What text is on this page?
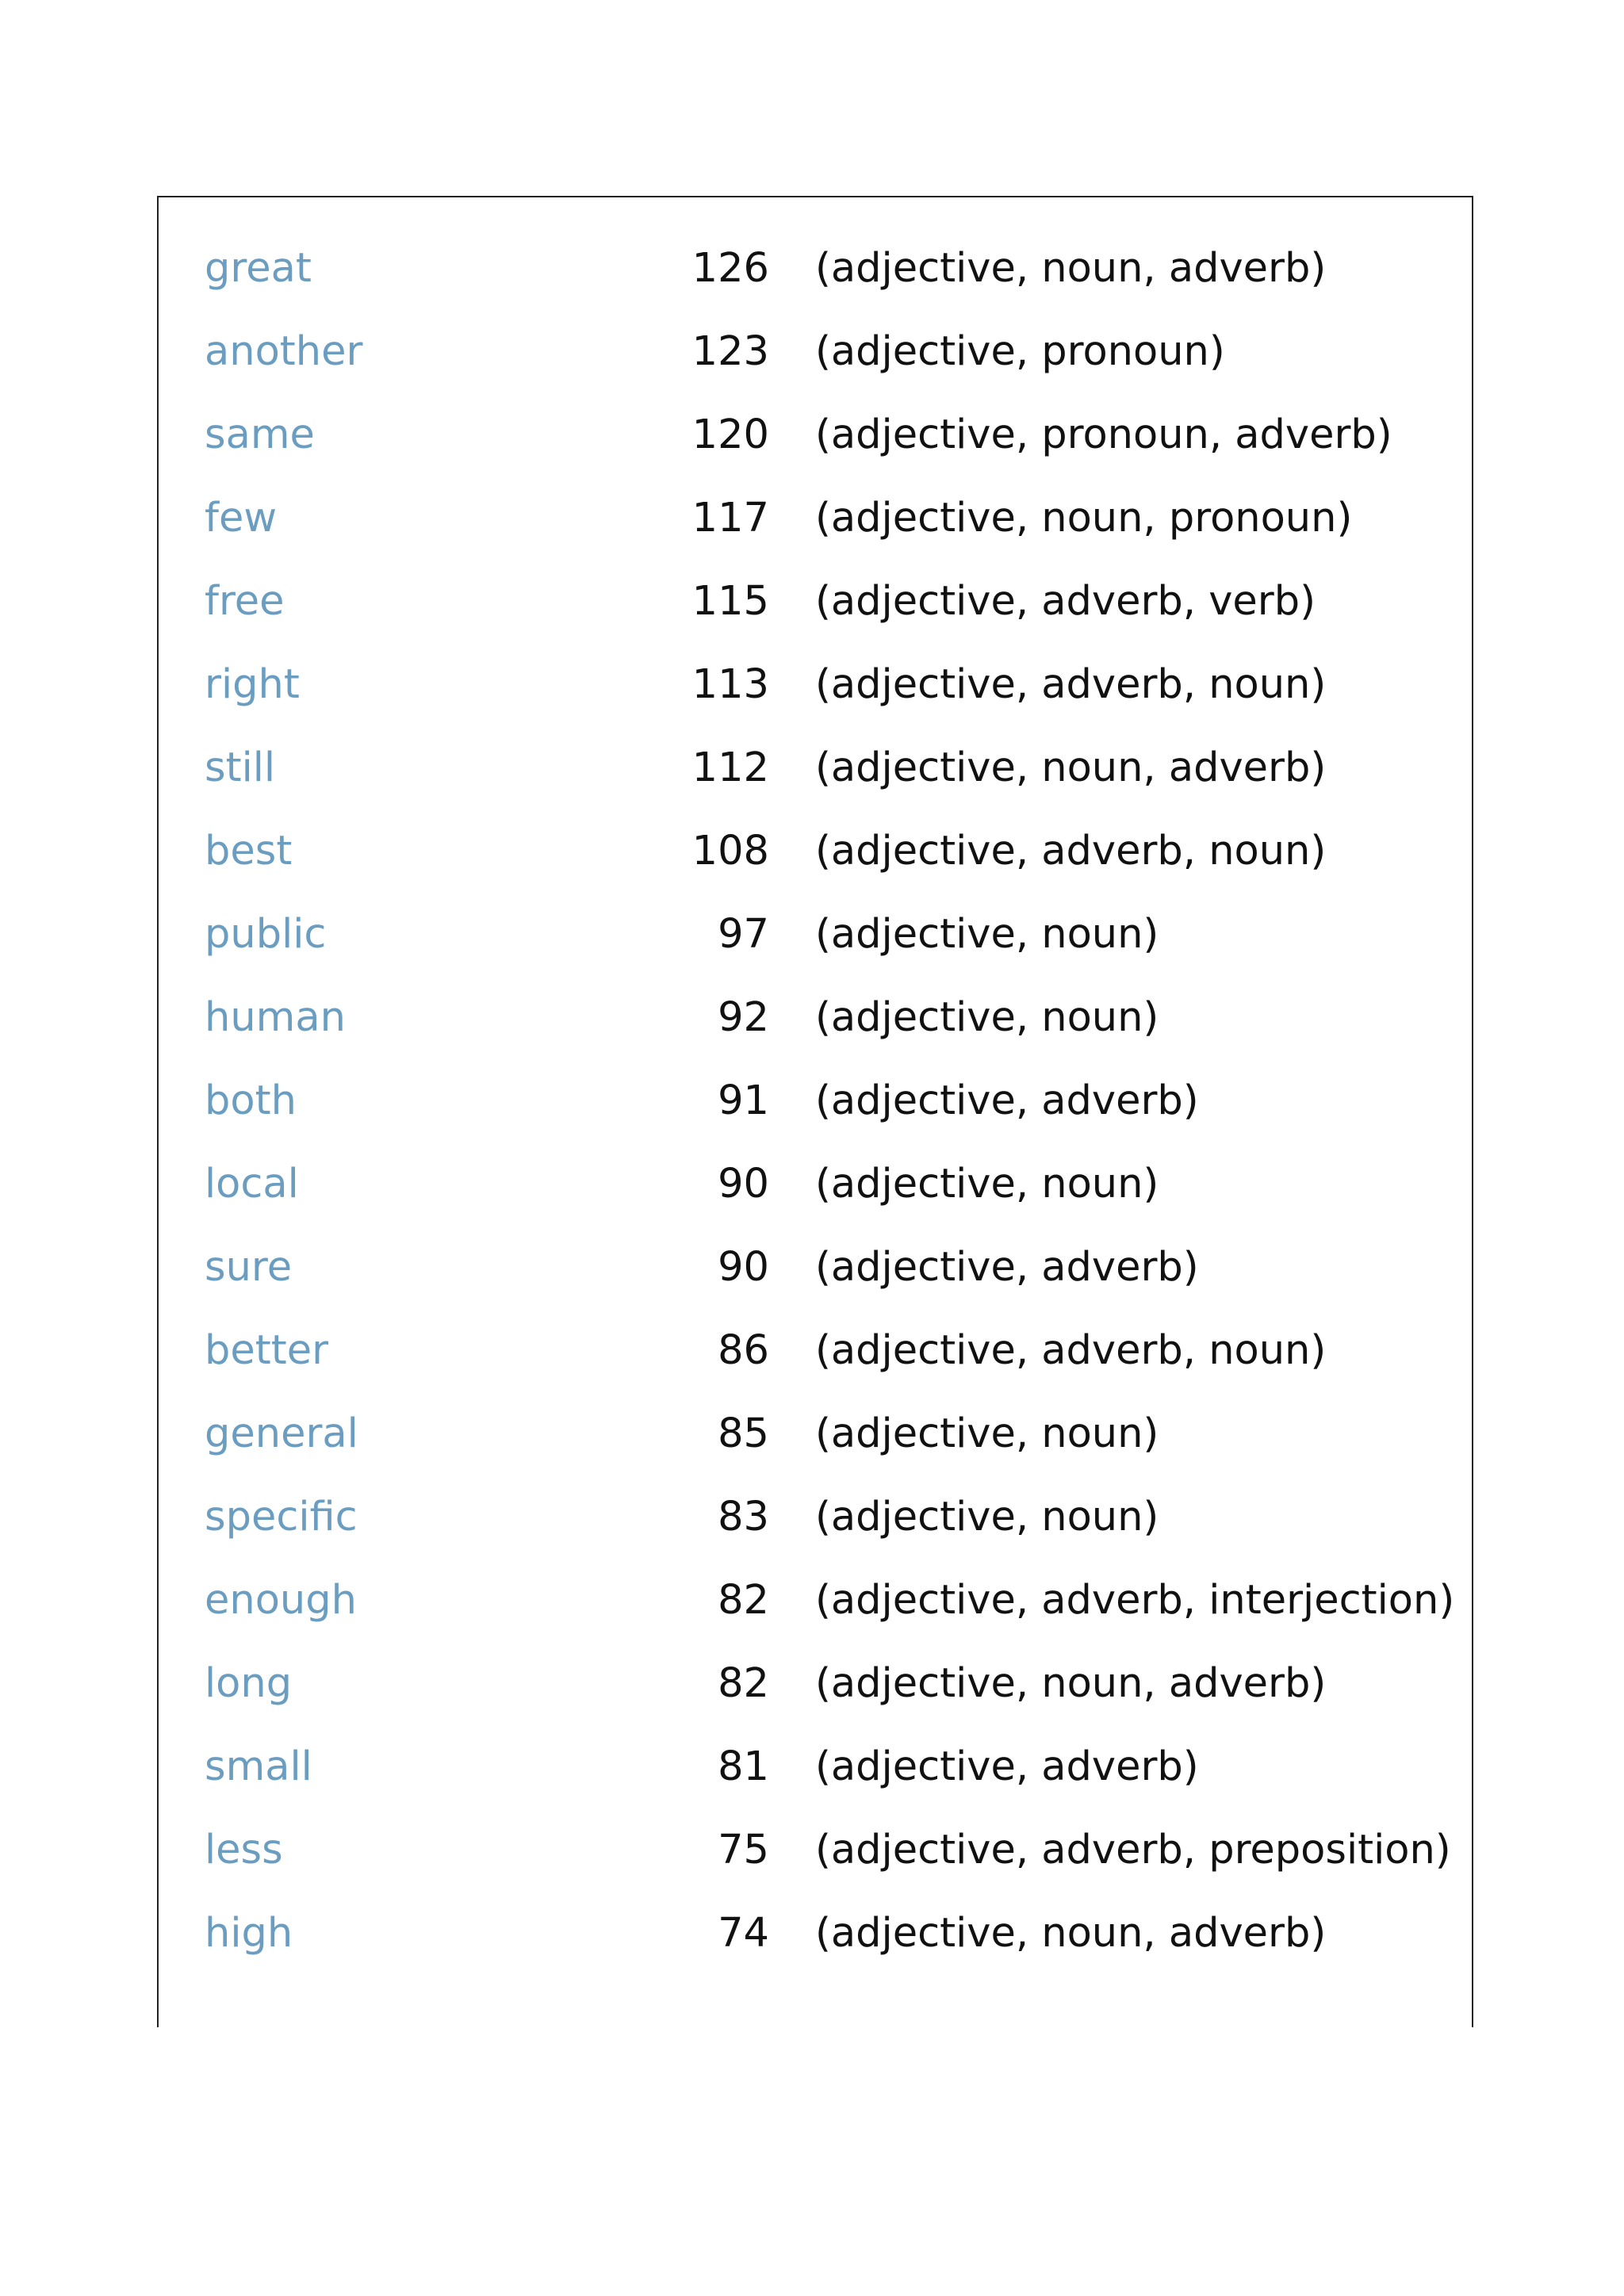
great	126 (adjective, noun, adverb)
another	123 (adjective, pronoun)
same	120 (adjective, pronoun, adverb)
few	117 (adjective, noun, pronoun)
free	115 (adjective, adverb, verb)
right	113 (adjective, adverb, noun)
still	112 (adjective, noun, adverb)
best	108 (adjective, adverb, noun)
public	97 (adjective, noun)
human	92 (adjective, noun)
both	91 (adjective, adverb)
local	90 (adjective, noun)
sure	90 (adjective, adverb)
better	86 (adjective, adverb, noun)
general	85 (adjective, noun)
specific	83 (adjective, noun)
enough	82 (adjective, adverb, interjection)
long	82 (adjective, noun, adverb)
small	81 (adjective, adverb)
less	75 (adjective, adverb, preposition)
high	74 (adjective, noun, adverb)
